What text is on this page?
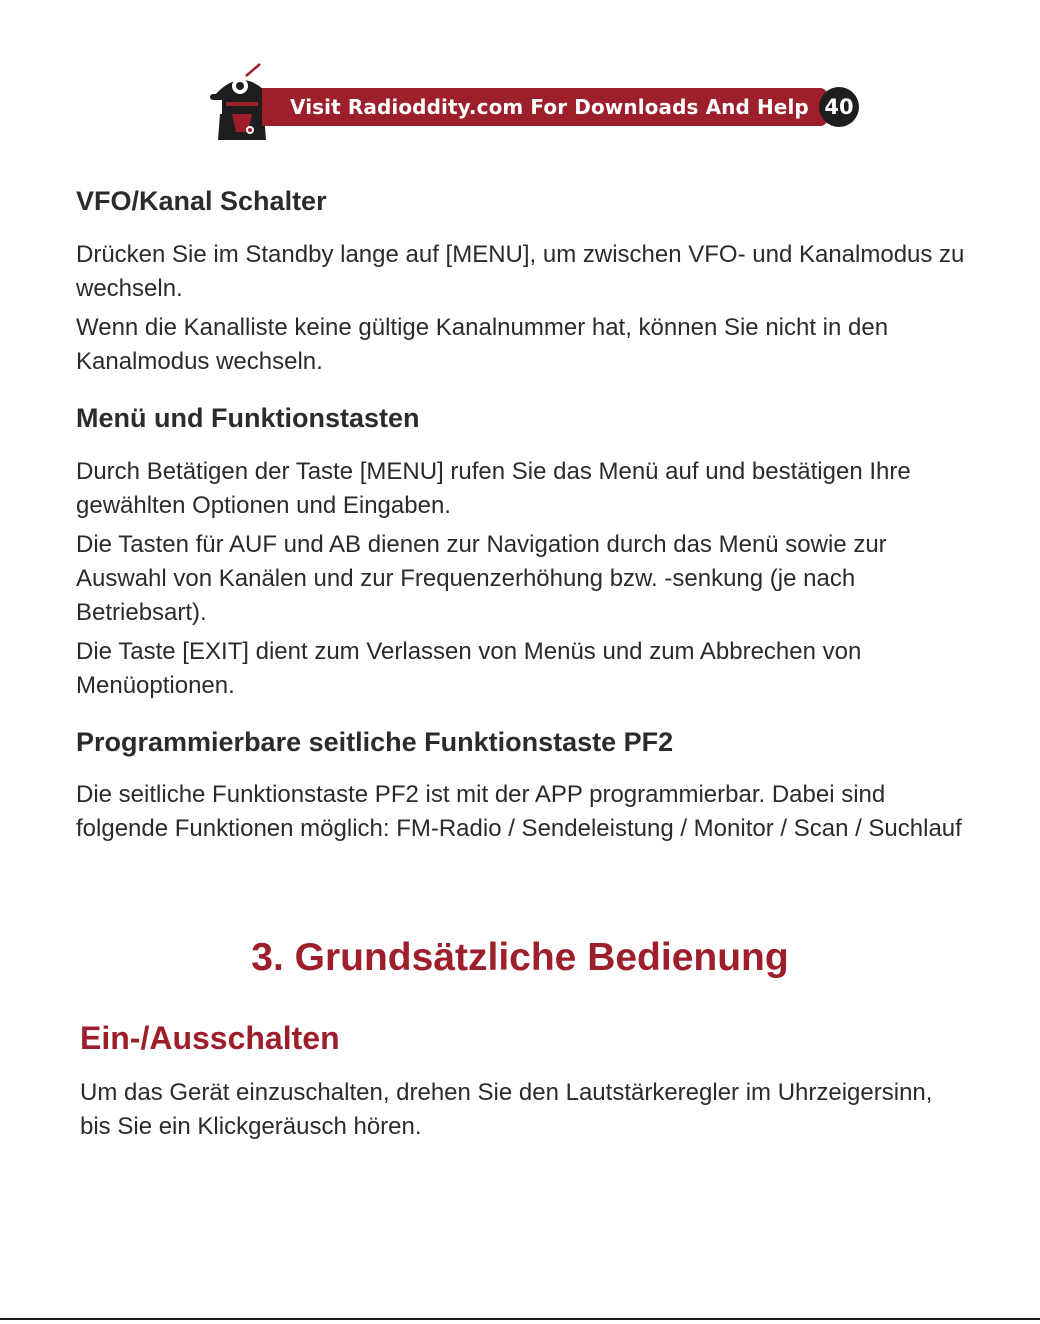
Visit Radioddity.com For Downloads And Help 40
VFO/Kanal Schalter

Drücken Sie im Standby lange auf [MENU], um zwischen VFO- und Kanalmodus zu wechseln.

Wenn die Kanalliste keine gültige Kanalnummer hat, können Sie nicht in den Kanalmodus wechseln.

Menü und Funktionstasten

Durch Betätigen der Taste [MENU] rufen Sie das Menü auf und bestätigen Ihre gewählten Optionen und Eingaben.

Die Tasten für AUF und AB dienen zur Navigation durch das Menü sowie zur Auswahl von Kanälen und zur Frequenzerhöhung bzw. -senkung (je nach Betriebsart).

Die Taste [EXIT] dient zum Verlassen von Menüs und zum Abbrechen von Menüoptionen.

Programmierbare seitliche Funktionstaste PF2

Die seitliche Funktionstaste PF2 ist mit der APP programmierbar. Dabei sind folgende Funktionen möglich: FM-Radio / Sendeleistung / Monitor / Scan / Suchlauf

3. Grundsätzliche Bedienung
Ein-/Ausschalten

Um das Gerät einzuschalten, drehen Sie den Lautstärkeregler im Uhrzeigersinn, bis Sie ein Klickgeräusch hören.
